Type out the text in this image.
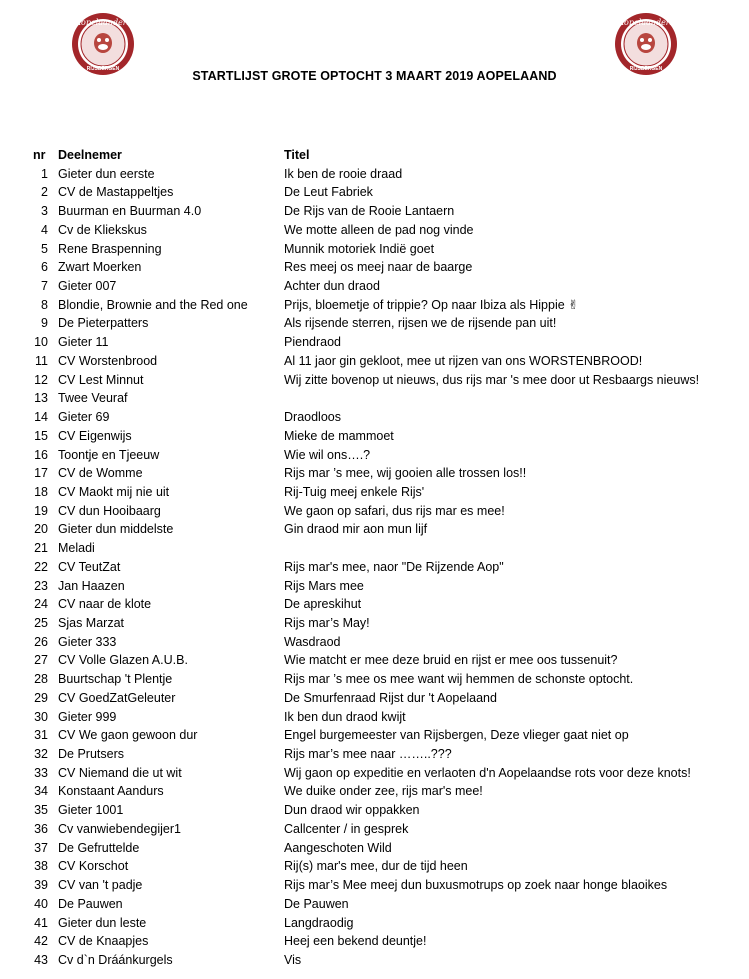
Aopelaanders
RIJSBERGEN
Aopelaanders
RIJSBERGEN
STARTLIJST GROTE OPTOCHT 3 MAART 2019 AOPELAAND
nr	Deelnemer	Titel
1 Gieter dun eerste	Ik ben de rooie draad
2 CV de Mastappeltjes	De Leut Fabriek
3 Buurman en Buurman 4.0	De Rijs van de Rooie Lantaern
4 Cv de Kliekskus	We motte alleen de pad nog vinde
5 Rene Braspenning	Munnik motoriek Indië goet
6 Zwart Moerken	Res meej os meej naar de baarge
7 Gieter 007	Achter dun draod
8 Blondie, Brownie and the Red one	Prijs, bloemetje of trippie? Op naar Ibiza als Hippie ✌
9 De Pieterpatters	Als rijsende sterren, rijsen we de rijsende pan uit!
10 Gieter 11	Piendraod
11 CV Worstenbrood	Al 11 jaor gin gekloot, mee ut rijzen van ons WORSTENBROOD!
12 CV Lest Minnut	Wij zitte bovenop ut nieuws, dus rijs mar 's mee door ut Resbaargs nieuws!
13 Twee Veuraf
14 Gieter 69	Draodloos
15 CV Eigenwijs	Mieke de mammoet
16 Toontje en Tjeeuw	Wie wil ons….?
17 CV de Womme	Rijs mar ’s mee, wij gooien alle trossen los!!
18 CV Maokt mij nie uit	Rij-Tuig meej enkele Rijs'
19 CV dun Hooibaarg	We gaon op safari, dus rijs mar es mee!
20 Gieter dun middelste	Gin draod mir aon mun lijf
21 Meladi
22 CV TeutZat	Rijs mar's mee, naor "De Rijzende Aop"
23 Jan Haazen	Rijs Mars mee
24 CV naar de klote	De apreskihut
25 Sjas Marzat	Rijs mar’s May!
26 Gieter 333	Wasdraod
27 CV Volle Glazen A.U.B.	Wie matcht er mee deze bruid en rijst er mee oos tussenuit?
28 Buurtschap 't Plentje	Rijs mar ’s mee os mee want wij hemmen de schonste optocht.
29 CV GoedZatGeleuter	De Smurfenraad Rijst dur 't Aopelaand
30 Gieter 999	Ik ben dun draod kwijt
31 CV We gaon gewoon dur	Engel burgemeester van Rijsbergen, Deze vlieger gaat niet op
32 De Prutsers	Rijs mar’s mee naar ……..???
33 CV Niemand die ut wit	Wij gaon op expeditie en verlaoten d'n Aopelaandse rots voor deze knots!
34 Konstaant Aandurs	We duike onder zee, rijs mar's mee!
35 Gieter 1001	Dun draod wir oppakken
36 Cv vanwiebendegijer1	Callcenter / in gesprek
37 De Gefruttelde	Aangeschoten Wild
38 CV Korschot	Rij(s) mar's mee, dur de tijd heen
39 CV van 't padje	Rijs mar’s Mee meej dun buxusmotrups op zoek naar honge blaoikes
40 De Pauwen	De Pauwen
41 Gieter dun leste	Langdraodig
42 CV de Knaapjes	Heej een bekend deuntje!
43 Cv d`n Dráánkurgels	Vis
